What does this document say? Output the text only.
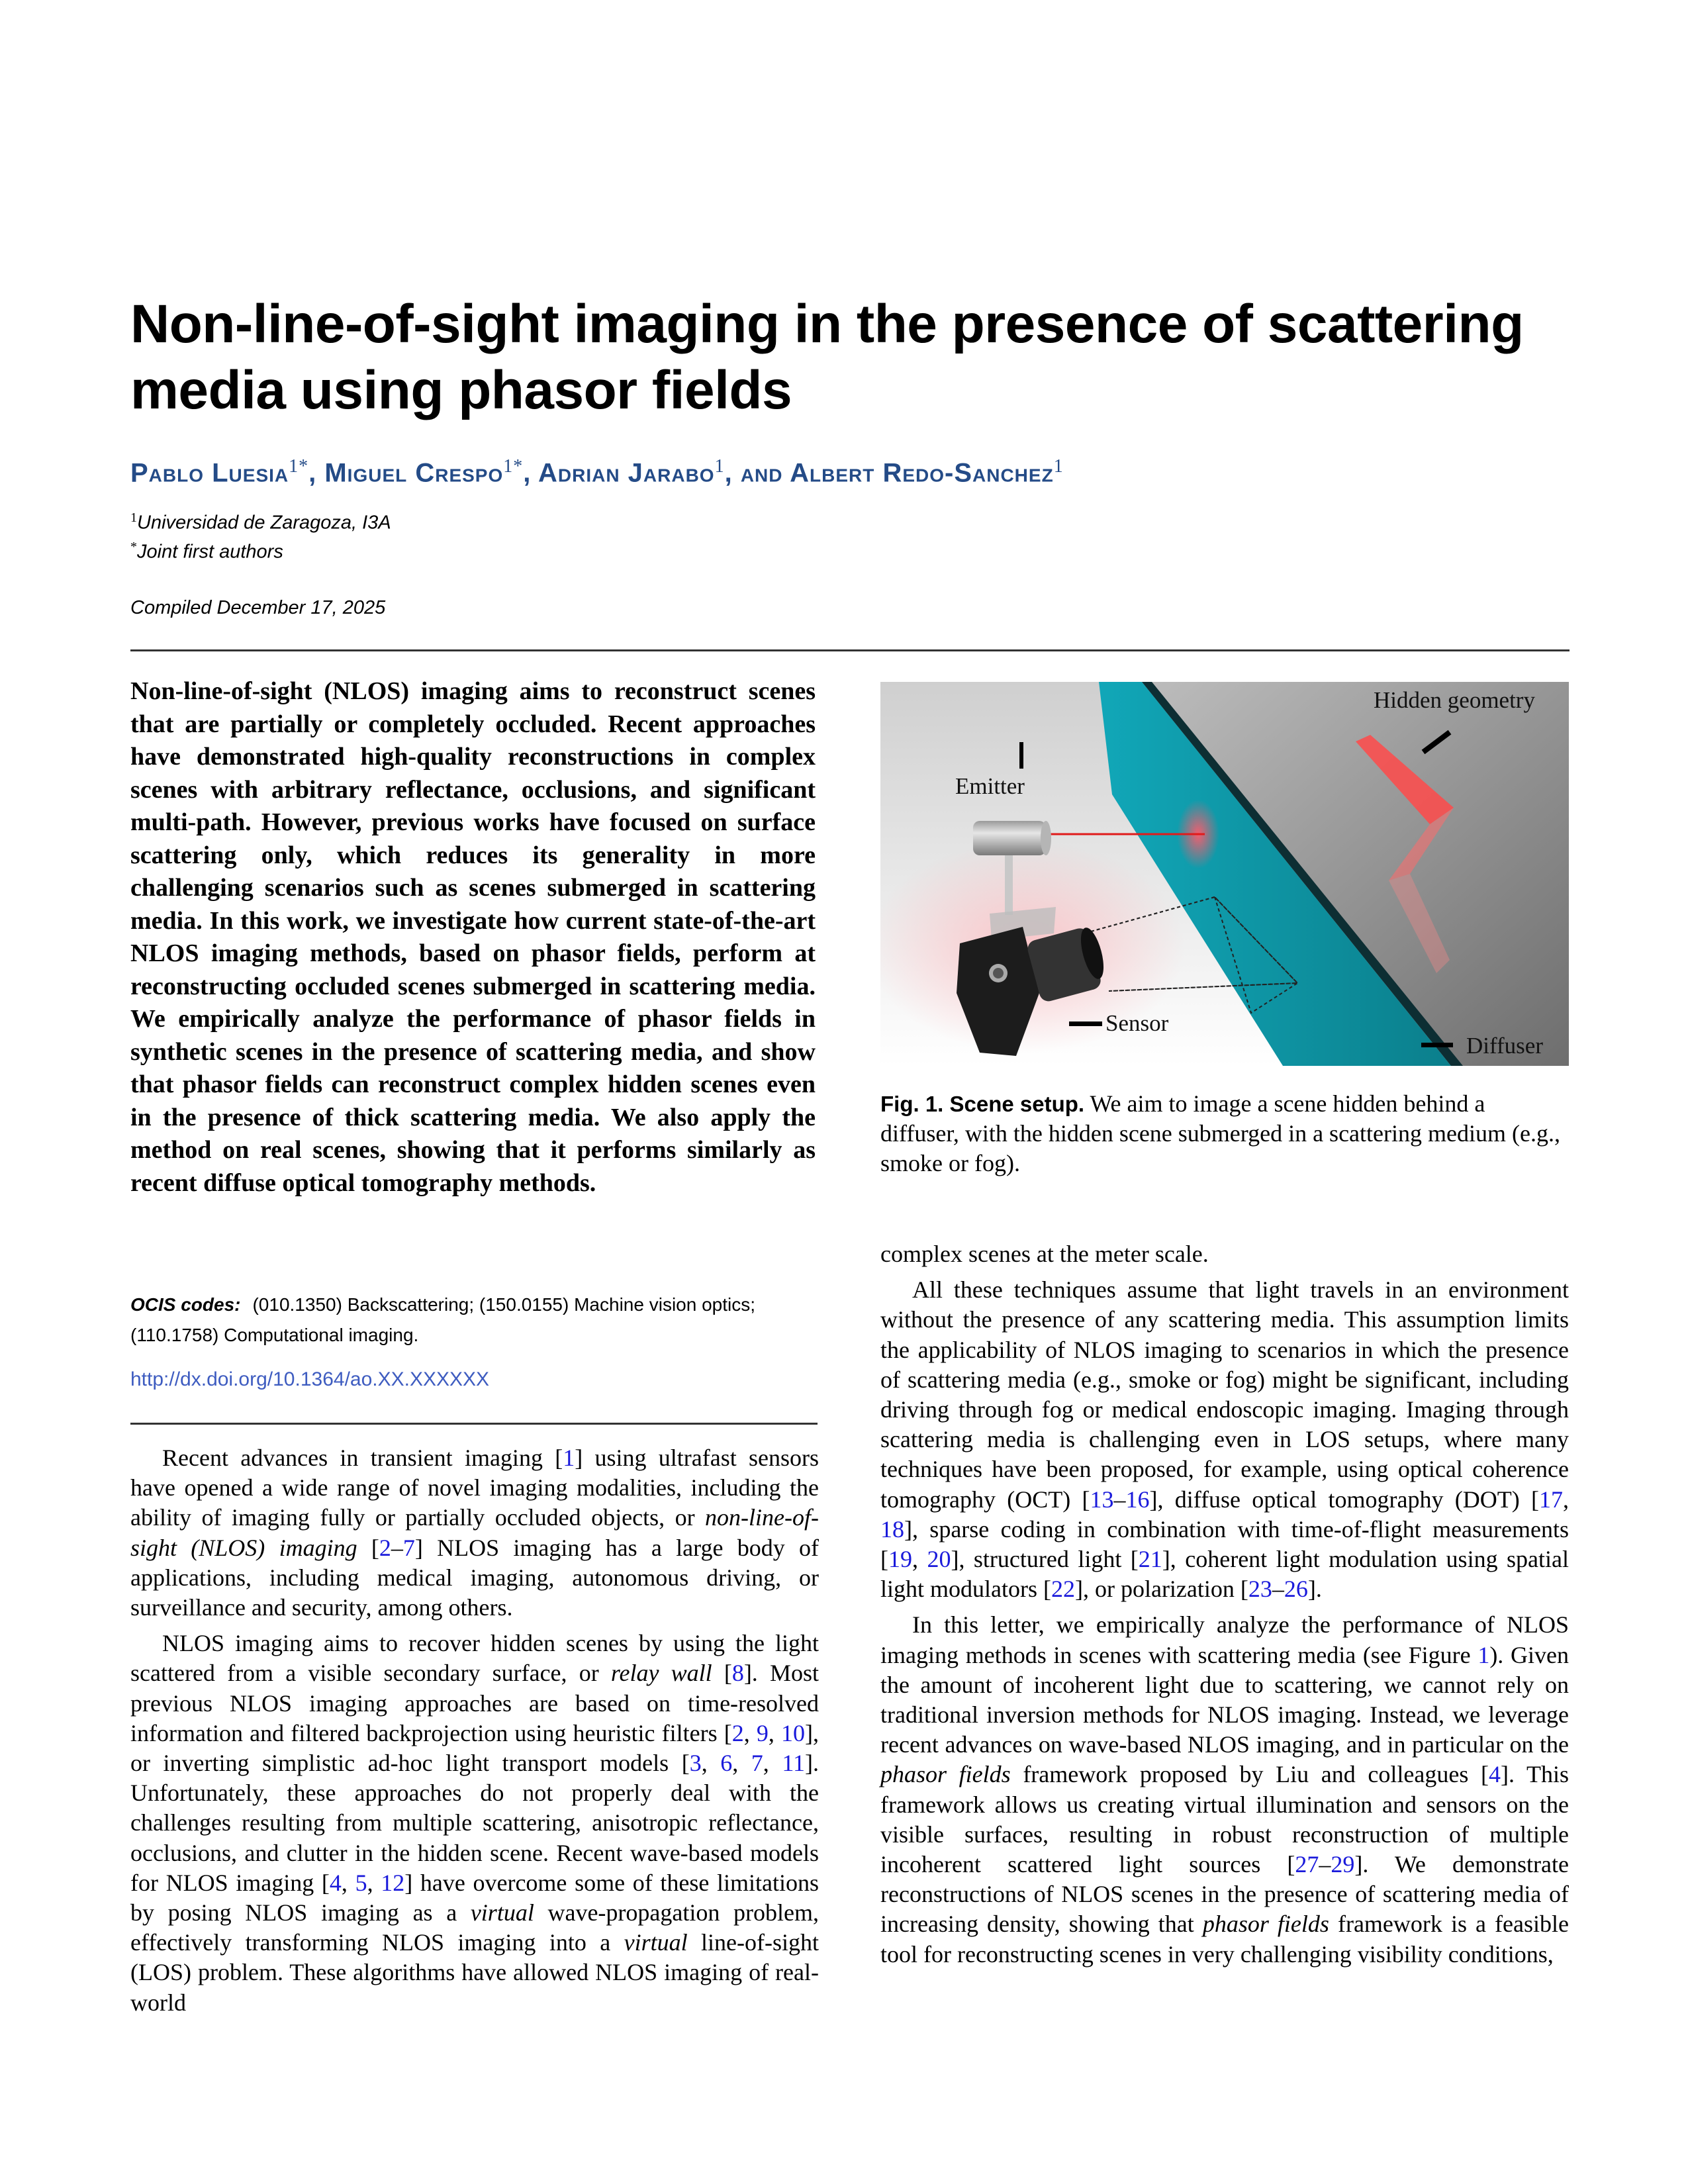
Non-line-of-sight imaging in the presence of scattering
media using phasor fields
Pablo Luesia$^{1*}$, Miguel Crespo$^{1*}$, Adrian Jarabo$^1$, and Albert Redo-Sanchez$^1$
$^1$Universidad de Zaragoza, I3A
*Joint first authors
Compiled December 17, 2025

Non-line-of-sight (NLOS) imaging aims to reconstruct scenes that are partially or completely occluded. Recent approaches have demonstrated high-quality reconstructions in complex scenes with arbitrary reflectance, occlusions, and significant multi-path. However, previous works have focused on surface scattering only, which reduces its generality in more challenging scenarios such as scenes submerged in scattering media. In this work, we investigate how current state-of-the-art NLOS imaging methods, based on phasor fields, perform at reconstructing occluded scenes submerged in scattering media. We empirically analyze the performance of phasor fields in synthetic scenes in the presence of scattering media, and show that phasor fields can reconstruct complex hidden scenes even in the presence of thick scattering media. We also apply the method on real scenes, showing that it performs similarly as recent diffuse optical tomography methods.

OCIS codes: (010.1350) Backscattering; (150.0155) Machine vision optics; (110.1758) Computational imaging.
http://dx.doi.org/10.1364/ao.XX.XXXXXX

Recent advances in transient imaging [1] using ultrafast sensors have opened a wide range of novel imaging modalities, including the ability of imaging fully or partially occluded objects, or non-line-of-sight (NLOS) imaging [2–7] NLOS imaging has a large body of applications, including medical imaging, autonomous driving, or surveillance and security, among others.

NLOS imaging aims to recover hidden scenes by using the light scattered from a visible secondary surface, or relay wall [8]. Most previous NLOS imaging approaches are based on time-resolved information and filtered backprojection using heuristic filters [2, 9, 10], or inverting simplistic ad-hoc light transport models [3, 6, 7, 11]. Unfortunately, these approaches do not properly deal with the challenges resulting from multiple scattering, anisotropic reflectance, occlusions, and clutter in the hidden scene. Recent wave-based models for NLOS imaging [4, 5, 12] have overcome some of these limitations by posing NLOS imaging as a virtual wave-propagation problem, effectively transforming NLOS imaging into a virtual line-of-sight (LOS) problem. These algorithms have allowed NLOS imaging of real-world

Emitter
Sensor
Hidden geometry
Diffuser
Fig. 1. Scene setup. We aim to image a scene hidden behind a diffuser, with the hidden scene submerged in a scattering medium (e.g., smoke or fog).

complex scenes at the meter scale.

All these techniques assume that light travels in an environment without the presence of any scattering media. This assumption limits the applicability of NLOS imaging to scenarios in which the presence of scattering media (e.g., smoke or fog) might be significant, including driving through fog or medical endoscopic imaging. Imaging through scattering media is challenging even in LOS setups, where many techniques have been proposed, for example, using optical coherence tomography (OCT) [13–16], diffuse optical tomography (DOT) [17, 18], sparse coding in combination with time-of-flight measurements [19, 20], structured light [21], coherent light modulation using spatial light modulators [22], or polarization [23–26].

In this letter, we empirically analyze the performance of NLOS imaging methods in scenes with scattering media (see Figure 1). Given the amount of incoherent light due to scattering, we cannot rely on traditional inversion methods for NLOS imaging. Instead, we leverage recent advances on wave-based NLOS imaging, and in particular on the phasor fields framework proposed by Liu and colleagues [4]. This framework allows us creating virtual illumination and sensors on the visible surfaces, resulting in robust reconstruction of multiple incoherent scattered light sources [27–29]. We demonstrate reconstructions of NLOS scenes in the presence of scattering media of increasing density, showing that phasor fields framework is a feasible tool for reconstructing scenes in very challenging visibility conditions,
